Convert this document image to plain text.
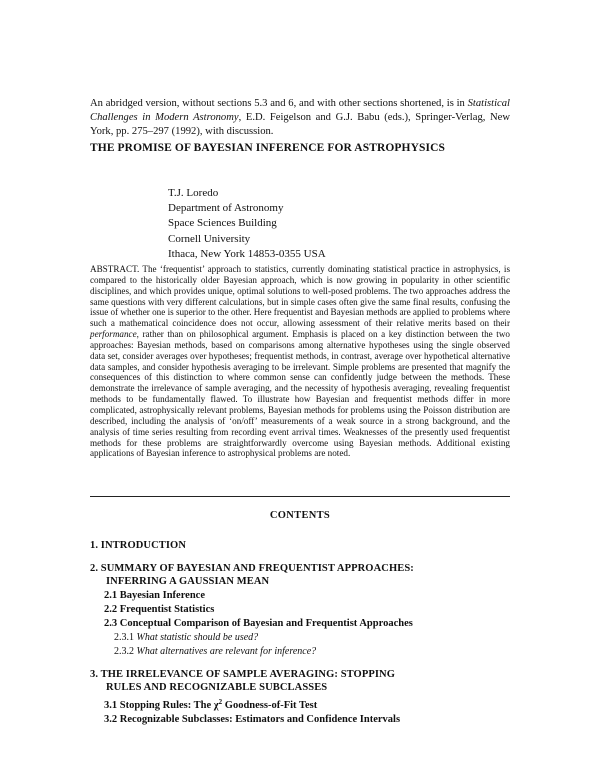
An abridged version, without sections 5.3 and 6, and with other sections shortened, is in Statistical Challenges in Modern Astronomy, E.D. Feigelson and G.J. Babu (eds.), Springer-Verlag, New York, pp. 275–297 (1992), with discussion.
THE PROMISE OF BAYESIAN INFERENCE FOR ASTROPHYSICS
T.J. Loredo
Department of Astronomy
Space Sciences Building
Cornell University
Ithaca, New York 14853-0355 USA
ABSTRACT. The ‘frequentist’ approach to statistics, currently dominating statistical practice in astrophysics, is compared to the historically older Bayesian approach, which is now growing in popularity in other scientific disciplines, and which provides unique, optimal solutions to well-posed problems. The two approaches address the same questions with very different calculations, but in simple cases often give the same final results, confusing the issue of whether one is superior to the other. Here frequentist and Bayesian methods are applied to problems where such a mathematical coincidence does not occur, allowing assessment of their relative merits based on their performance, rather than on philosophical argument. Emphasis is placed on a key distinction between the two approaches: Bayesian methods, based on comparisons among alternative hypotheses using the single observed data set, consider averages over hypotheses; frequentist methods, in contrast, average over hypothetical alternative data samples, and consider hypothesis averaging to be irrelevant. Simple problems are presented that magnify the consequences of this distinction to where common sense can confidently judge between the methods. These demonstrate the irrelevance of sample averaging, and the necessity of hypothesis averaging, revealing frequentist methods to be fundamentally flawed. To illustrate how Bayesian and frequentist methods differ in more complicated, astrophysically relevant problems, Bayesian methods for problems using the Poisson distribution are described, including the analysis of ‘on/off’ measurements of a weak source in a strong background, and the analysis of time series resulting from recording event arrival times. Weaknesses of the presently used frequentist methods for these problems are straightforwardly overcome using Bayesian methods. Additional existing applications of Bayesian inference to astrophysical problems are noted.
CONTENTS
1. INTRODUCTION
2. SUMMARY OF BAYESIAN AND FREQUENTIST APPROACHES:
INFERRING A GAUSSIAN MEAN
2.1 Bayesian Inference
2.2 Frequentist Statistics
2.3 Conceptual Comparison of Bayesian and Frequentist Approaches
2.3.1 What statistic should be used?
2.3.2 What alternatives are relevant for inference?
3. THE IRRELEVANCE OF SAMPLE AVERAGING: STOPPING
RULES AND RECOGNIZABLE SUBCLASSES
3.1 Stopping Rules: The $\chi^2$ Goodness-of-Fit Test
3.2 Recognizable Subclasses: Estimators and Confidence Intervals
